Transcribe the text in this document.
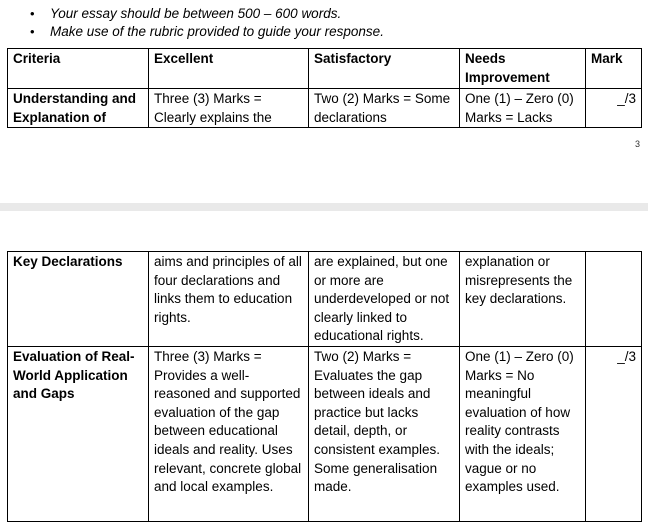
• Your essay should be between 500 – 600 words.
• Make use of the rubric provided to guide your response.
Criteria	Excellent	Satisfactory	Needs Improvement	Mark
Understanding and Explanation of	Three (3) Marks = Clearly explains the	Two (2) Marks = Some declarations	One (1) – Zero (0) Marks = Lacks	_/3
3
Key Declarations	aims and principles of all four declarations and links them to education rights.	are explained, but one or more are underdeveloped or not clearly linked to educational rights.	explanation or misrepresents the key declarations.	
Evaluation of Real-World Application and Gaps	Three (3) Marks = Provides a well-reasoned and supported evaluation of the gap between educational ideals and reality. Uses relevant, concrete global and local examples.	Two (2) Marks = Evaluates the gap between ideals and practice but lacks detail, depth, or consistent examples. Some generalisation made.	One (1) – Zero (0) Marks = No meaningful evaluation of how reality contrasts with the ideals; vague or no examples used.	_/3
